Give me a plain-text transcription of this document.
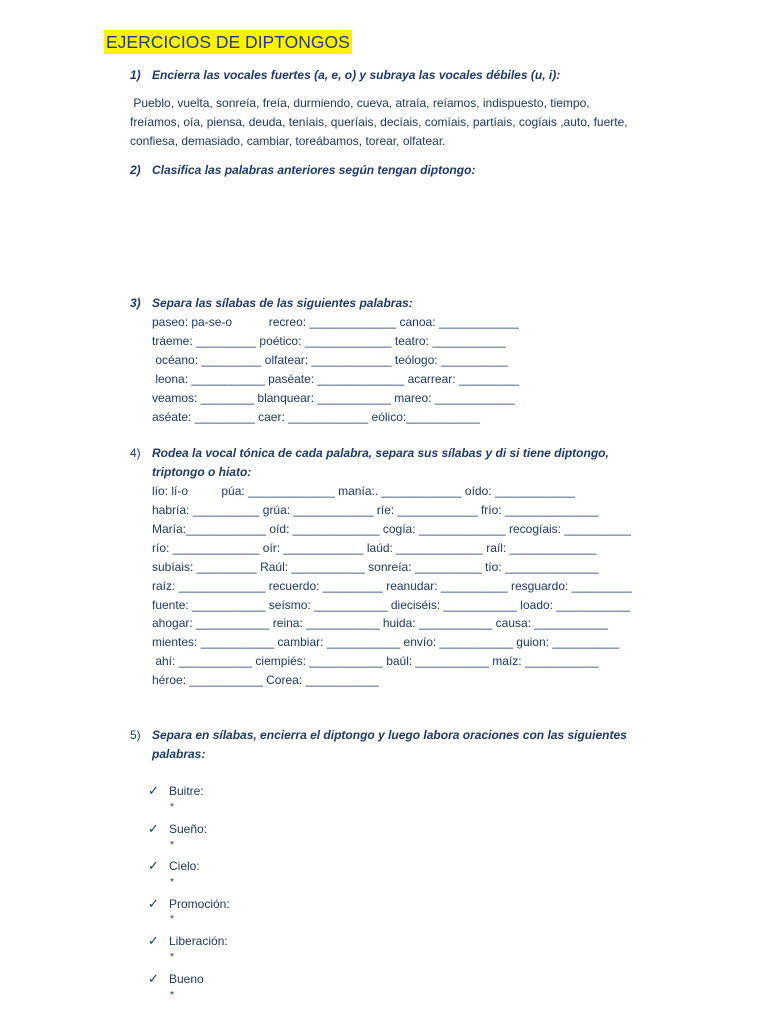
EJERCICIOS DE DIPTONGOS
1) Encierra las vocales fuertes (a, e, o) y subraya las vocales débiles (u, i):
Pueblo, vuelta, sonreía, freía, durmiendo, cueva, atraía, reíamos, indispuesto, tiempo,
freíamos, oía, piensa, deuda, teníais, queríais, decíais, comíais, partíais, cogíais ,auto, fuerte,
confiesa, demasiado, cambiar, toreábamos, torear, olfatear.
2) Clasifica las palabras anteriores según tengan diptongo:
3) Separa las sílabas de las siguientes palabras:
paseo: pa-se-o           recreo: _____________ canoa: ____________
tráeme: _________ poético: _____________ teatro: ___________
océano: _________ olfatear: ____________ teólogo: __________
leona: ___________ paséate: _____________ acarrear: _________
veamos: ________ blanquear: ___________ mareo: ____________
aséate: _________ caer: ____________ eólico:___________
4) Rodea la vocal tónica de cada palabra, separa sus sílabas y di si tiene diptongo,
triptongo o hiato:
lío: lí-o          púa: _____________ manía:. ____________ oído: ____________
habría: __________ grúa: ____________ ríe: ____________ frío: ______________
María:____________ oíd: _____________ cogía: _____________ recogíais: __________
río: _____________ oír: ____________ laúd: _____________ raíl: _____________
subíais: _________ Raúl: ___________ sonreía: __________ tío: ______________
raíz: _____________ recuerdo: _________ reanudar: __________ resguardo: _________
fuente: ___________ seísmo: ___________ dieciséis: ___________ loado: ___________
ahogar: ___________ reina: ___________ huida: ___________ causa: ___________
mientes: ___________ cambiar: ___________ envío: ___________ guion: __________
ahí: ___________ ciempiés: ___________ baúl: ___________ maíz: ___________
héroe: ___________ Corea: ___________
5) Separa en sílabas, encierra el diptongo y luego labora oraciones con las siguientes
palabras:
✓ Buitre:
*
✓ Sueño:
*
✓ Cielo:
*
✓ Promoción:
*
✓ Liberación:
*
✓ Bueno
*
